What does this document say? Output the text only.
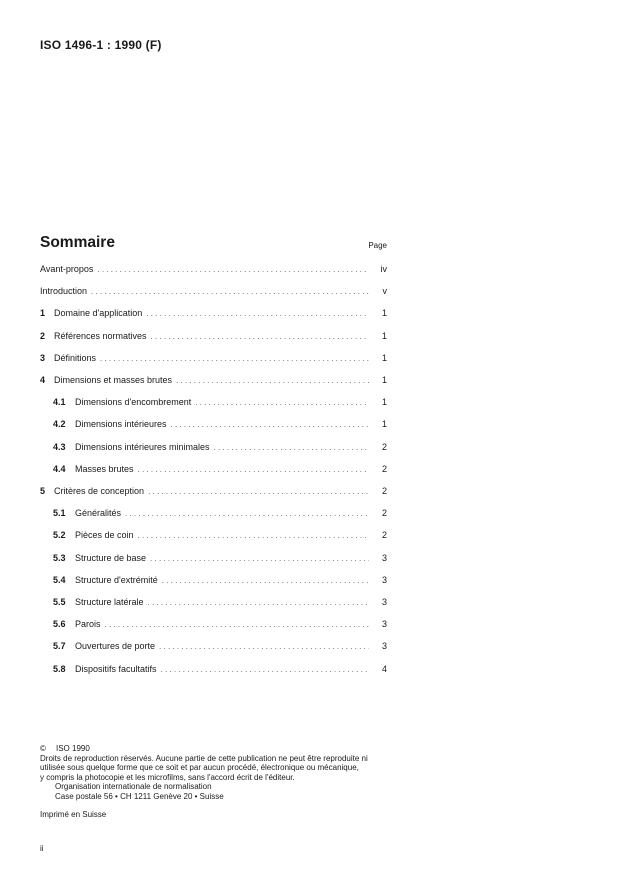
ISO 1496-1 : 1990 (F)
Sommaire	Page
Avant-propos . . .	iv
Introduction . . .	v
1 Domaine d'application . . .	1
2 Références normatives . . .	1
3 Définitions . . .	1
4 Dimensions et masses brutes . . .	1
4.1	Dimensions d'encombrement . . .	1
4.2	Dimensions intérieures . . .	1
4.3	Dimensions intérieures minimales . . .	2
4.4	Masses brutes . . .	2
5 Critères de conception . . .	2
5.1	Généralités . . .	2
5.2	Pièces de coin . . .	2
5.3	Structure de base . . .	3
5.4	Structure d'extrémité . . .	3
5.5	Structure latérale . . .	3
5.6	Parois . . .	3
5.7	Ouvertures de porte . . .	3
5.8	Dispositifs facultatifs . . .	4
© ISO 1990
Droits de reproduction réservés. Aucune partie de cette publication ne peut être reproduite ni
utilisée sous quelque forme que ce soit et par aucun procédé, électronique ou mécanique,
y compris la photocopie et les microfilms, sans l'accord écrit de l'éditeur.
Organisation internationale de normalisation
Case postale 56 • CH 1211 Genève 20 • Suisse
Imprimé en Suisse
ii
